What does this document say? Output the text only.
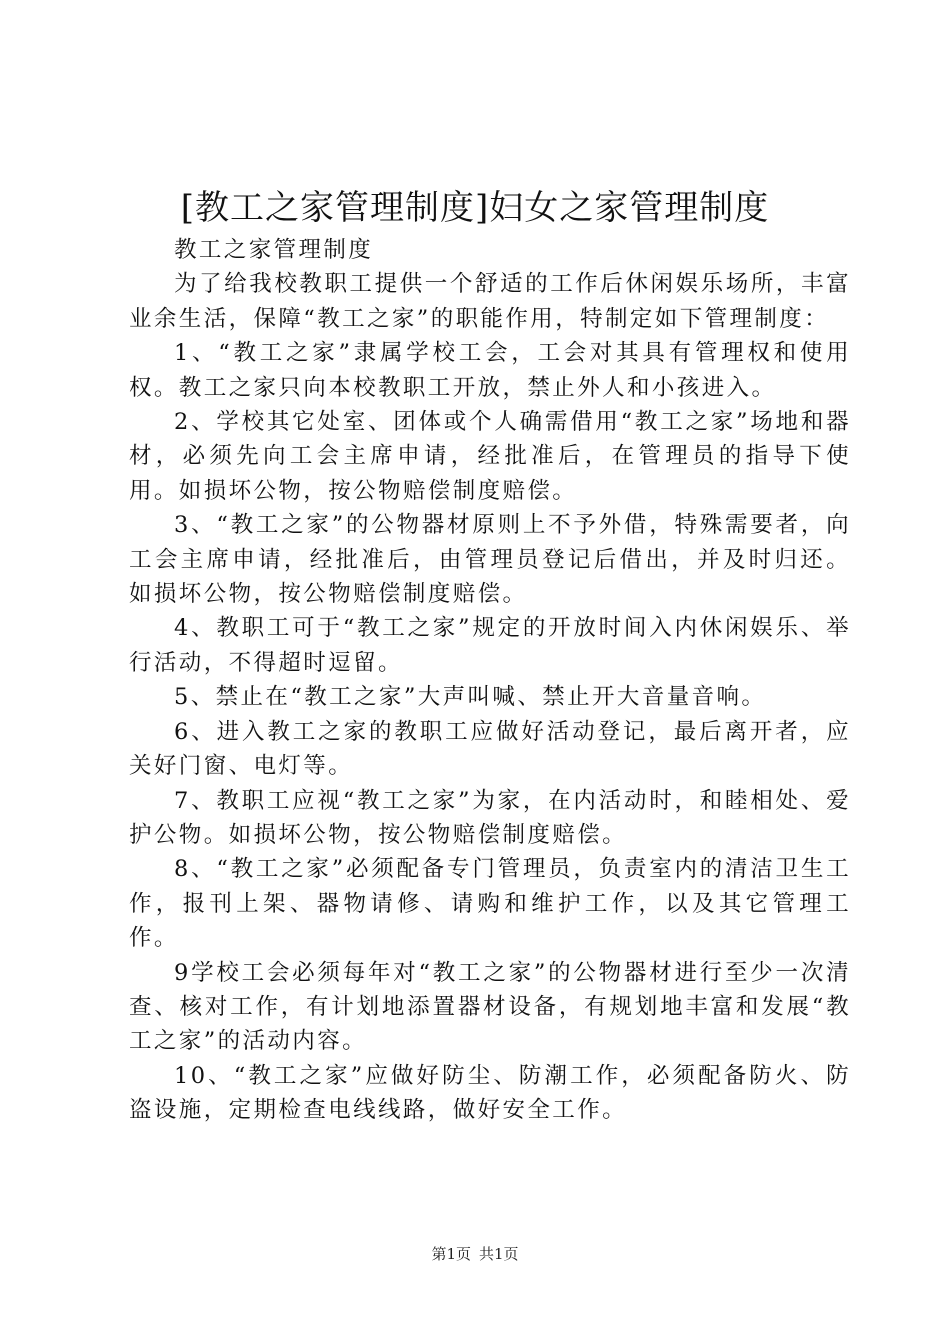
[教工之家管理制度]妇女之家管理制度

教工之家管理制度

为了给我校教职工提供一个舒适的工作后休闲娱乐场所，丰富业余生活，保障“教工之家”的职能作用，特制定如下管理制度：

1、“教工之家”隶属学校工会，工会对其具有管理权和使用权。教工之家只向本校教职工开放，禁止外人和小孩进入。

2、学校其它处室、团体或个人确需借用“教工之家”场地和器材，必须先向工会主席申请，经批准后，在管理员的指导下使用。如损坏公物，按公物赔偿制度赔偿。

3、“教工之家”的公物器材原则上不予外借，特殊需要者，向工会主席申请，经批准后，由管理员登记后借出，并及时归还。如损坏公物，按公物赔偿制度赔偿。

4、教职工可于“教工之家”规定的开放时间入内休闲娱乐、举行活动，不得超时逗留。

5、禁止在“教工之家”大声叫喊、禁止开大音量音响。

6、进入教工之家的教职工应做好活动登记，最后离开者，应关好门窗、电灯等。

7、教职工应视“教工之家”为家，在内活动时，和睦相处、爱护公物。如损坏公物，按公物赔偿制度赔偿。

8、“教工之家”必须配备专门管理员，负责室内的清洁卫生工作，报刊上架、器物请修、请购和维护工作，以及其它管理工作。

9学校工会必须每年对“教工之家”的公物器材进行至少一次清查、核对工作，有计划地添置器材设备，有规划地丰富和发展“教工之家”的活动内容。

10、“教工之家”应做好防尘、防潮工作，必须配备防火、防盗设施，定期检查电线线路，做好安全工作。

第1页 共1页
